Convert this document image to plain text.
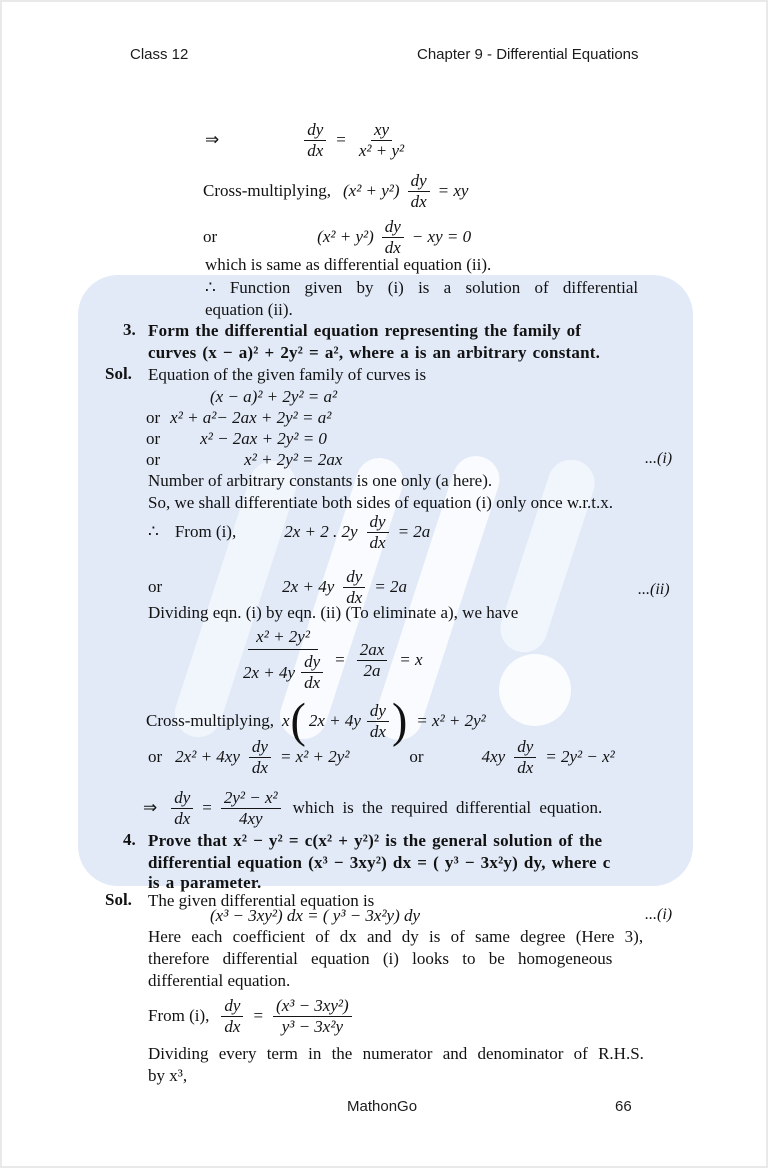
Class 12	Chapter 9 - Differential Equations
⇒	$\frac{dy}{dx} = \frac{xy}{\text{x² + y²}}$
Cross-multiplying, $(x^2 + y^2) \frac{dy}{dx}$ = xy
or	(x² + y²)
dy
dx
− xy = 0
which is same as differential equation (ii).
∴ Function given by (i) is a solution of differential
equation (ii).
3. Form the differential equation representing the family of
curves (x − a)² + 2y² = a², where a is an arbitrary constant.
Sol. Equation of the given family of curves is
(x − a)² + 2y² = a²
or x² + a²− 2ax + 2y² = a²
or x² − 2ax + 2y² = 0
or	x² + 2y² = 2ax	...(i)
Number of arbitrary constants is one only (a here).
So, we shall differentiate both sides of equation (i) only once w.r.t.x.
∴ From (i),	2x + 2 . $2y \frac{dy}{dx} = 2a$
or	$2x + 4y \frac{dy}{dx} = 2a$	...(ii)
Dividing eqn. (i) by eqn. (ii) (To eliminate a), we have
x² + 2y²
2x + 4y
dy
dx
= $\frac{2ax}{2a} = x$
Cross-multiplying, x ( 2x + 4y
dy
dx ) = x² + 2y²
or $2x^2 + 4xy \frac{dy}{dx} = x^2 + 2y^2$	or	$4xy \frac{dy}{dx} = 2y^2 - x^2$
⇒ $\frac{dy}{dx} = \frac{\text{2y² − x²}}{4xy}$ which is the required differential equation.
4. Prove that x² − y² = c(x² + y²)² is the general solution of the
differential equation (x³ − 3xy²) dx = ( y³ − 3x²y) dy, where c
is a parameter.
Sol. The given differential equation is
(x³ − 3xy²) dx = ( y³ − 3x²y) dy	...(i)
Here each coefficient of dx and dy is of same degree (Here 3),
therefore differential equation (i) looks to be homogeneous
differential equation.
From (i), $\frac{dy}{dx} = \frac{\text{(x³ − 3xy²)}}{\text{y³ − 3x²y}}$
Dividing every term in the numerator and denominator of R.H.S.
by x³,
MathonGo	66
